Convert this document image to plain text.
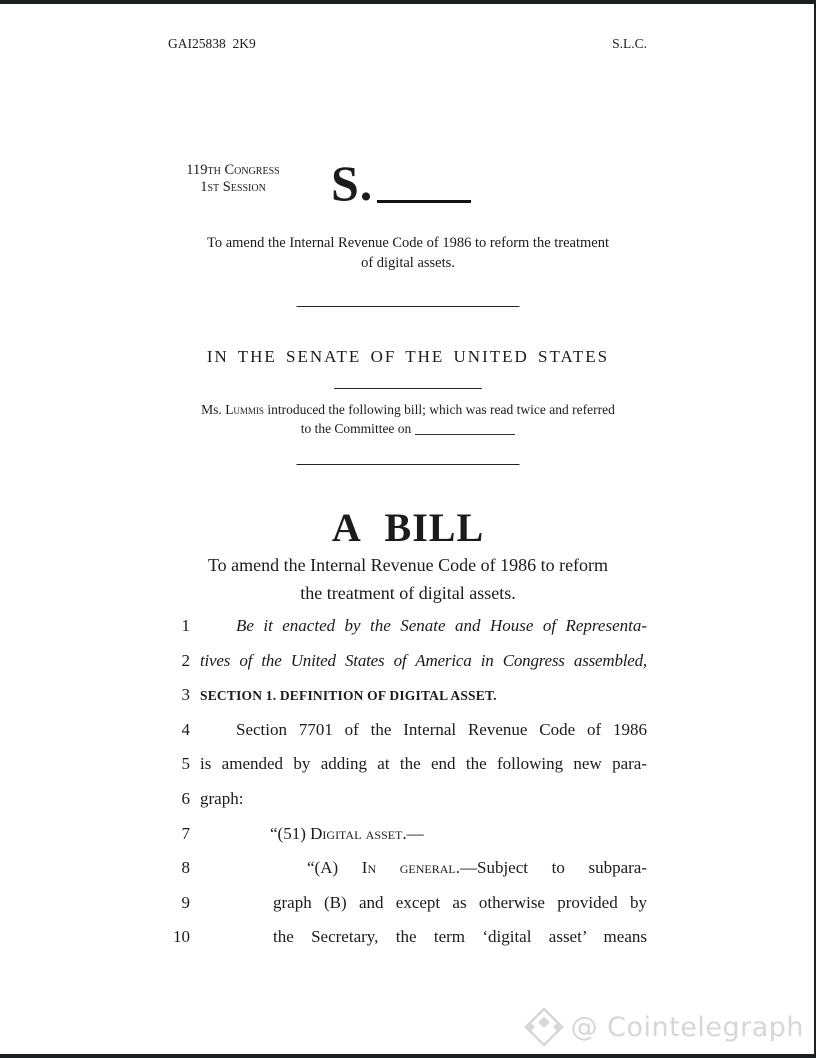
GAI25838  2K9	S.L.C.
119th Congress
1st Session	S.
To amend the Internal Revenue Code of 1986 to reform the treatment
of digital assets.
IN THE SENATE OF THE UNITED STATES
Ms. Lummis introduced the following bill; which was read twice and referred
to the Committee on
A BILL
To amend the Internal Revenue Code of 1986 to reform
the treatment of digital assets.
1	Be it enacted by the Senate and House of Representa-
2 tives of the United States of America in Congress assembled,
3 SECTION 1. DEFINITION OF DIGITAL ASSET.
4	Section 7701 of the Internal Revenue Code of 1986
5 is amended by adding at the end the following new para-
6 graph:
7	“(51) Digital asset.—
8	“(A) In general.—Subject to subpara-
9	graph (B) and except as otherwise provided by
10	the Secretary, the term ‘digital asset’ means
@ Cointelegraph
